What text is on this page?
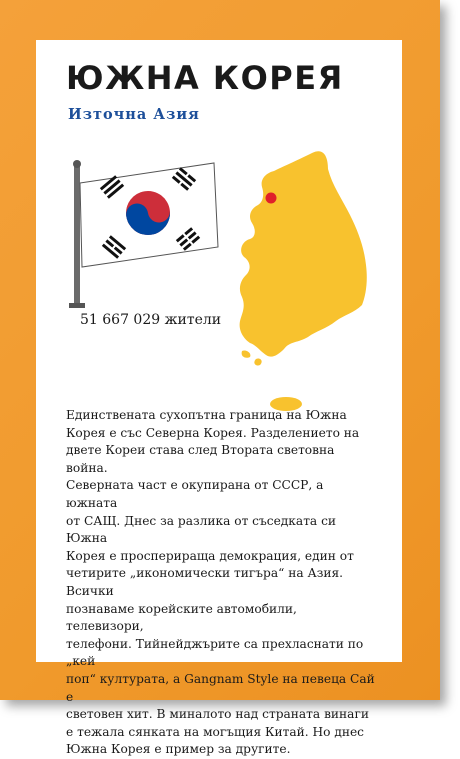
ЮЖНА КОРЕЯ
Източна Азия
51 667 029 жители

Единствената сухопътна граница на Южна
Корея е със Северна Корея. Разделението на
двете Кореи става след Втората световна война.
Северната част е окупирана от СССР, а южната
от САЩ. Днес за разлика от съседката си Южна
Корея е просперираща демокрация, един от
четирите „икономически тигъра“ на Азия. Всички
познаваме корейските автомобили, телевизори,
телефони. Тийнейджърите са прехласнати по „кей
поп“ културата, а Gangnam Style на певеца Сай е
световен хит. В миналото над страната винаги
е тежала сянката на могъщия Китай. Но днес
Южна Корея е пример за другите.
